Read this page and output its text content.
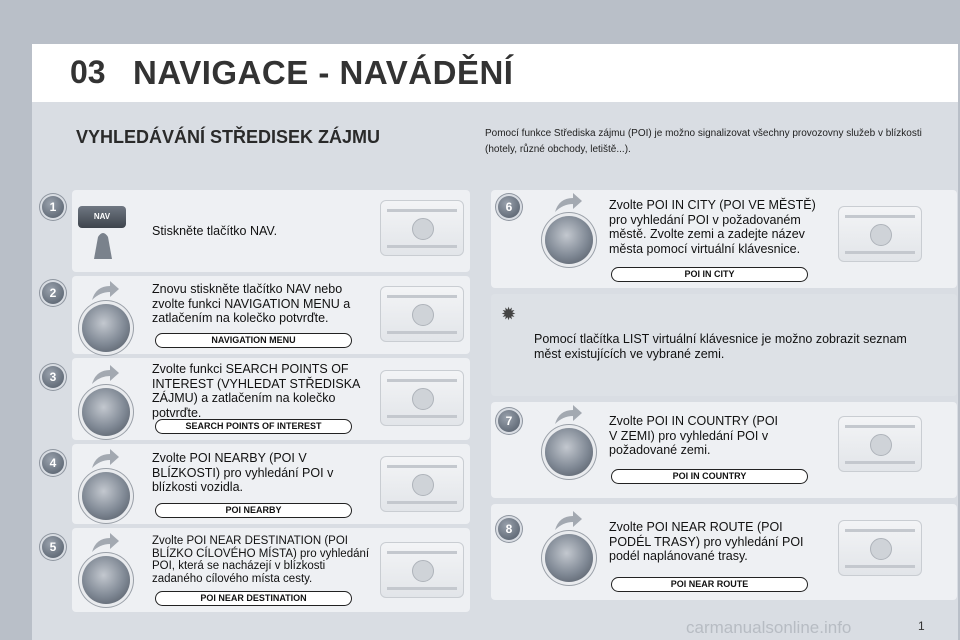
03 NAVIGACE - NAVÁDĚNÍ
VYHLEDÁVÁNÍ STŘEDISEK ZÁJMU	Pomocí funkce Střediska zájmu (POI) je možno signalizovat všechny provozovny služeb v blízkosti (hotely, různé obchody, letiště...).
1
NAV
Stiskněte tlačítko NAV.
2	Znovu stiskněte tlačítko NAV nebo zvolte funkci NAVIGATION MENU a zatlačením na kolečko potvrďte.
NAVIGATION MENU
3
Zvolte funkci SEARCH POINTS OF INTEREST (VYHLEDAT STŘEDISKA ZÁJMU) a zatlačením na kolečko potvrďte.
SEARCH POINTS OF INTEREST
4	Zvolte POI NEARBY (POI V BLÍZKOSTI) pro vyhledání POI v blízkosti vozidla.
POI NEARBY
5	Zvolte POI NEAR DESTINATION (POI BLÍZKO CÍLOVÉHO MÍSTA) pro vyhledání POI, která se nacházejí v blízkosti zadaného cílového místa cesty.
POI NEAR DESTINATION
6	Zvolte POI IN CITY (POI VE MĚSTĚ) pro vyhledání POI v požadovaném městě. Zvolte zemi a zadejte název města pomocí virtuální klávesnice.
POI IN CITY
✹
Pomocí tlačítka LIST virtuální klávesnice je možno zobrazit seznam měst existujících ve vybrané zemi.
7	Zvolte POI IN COUNTRY (POI V ZEMI) pro vyhledání POI v požadované zemi.
POI IN COUNTRY
8	Zvolte POI NEAR ROUTE (POI PODÉL TRASY) pro vyhledání POI podél naplánované trasy.
POI NEAR ROUTE
carmanualsonline.info	1
